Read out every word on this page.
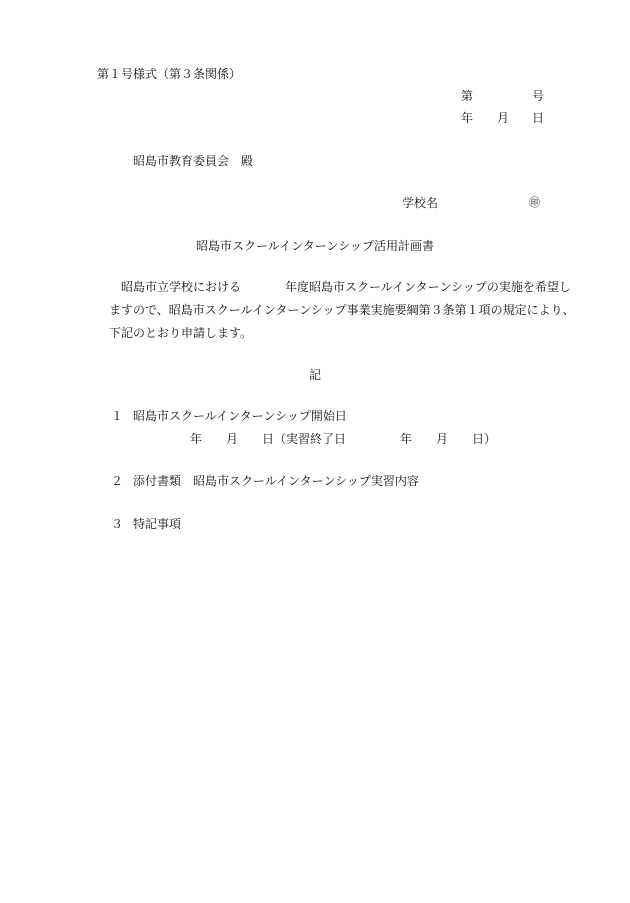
第１号様式（第３条関係）
第	号
年 月 日
昭島市教育委員会　殿
学校名	㊞
昭島市スクールインターンシップ活用計画書
昭島市立学校における	年度昭島市スクールインターンシップの実施を希望し
ますので、昭島市スクールインターンシップ事業実施要綱第３条第１項の規定により、
下記のとおり申請します。
記
１ 昭島市スクールインターンシップ開始日
年 月 日（実習終了日	年 月 日）
２ 添付書類　昭島市スクールインターンシップ実習内容
３ 特記事項
